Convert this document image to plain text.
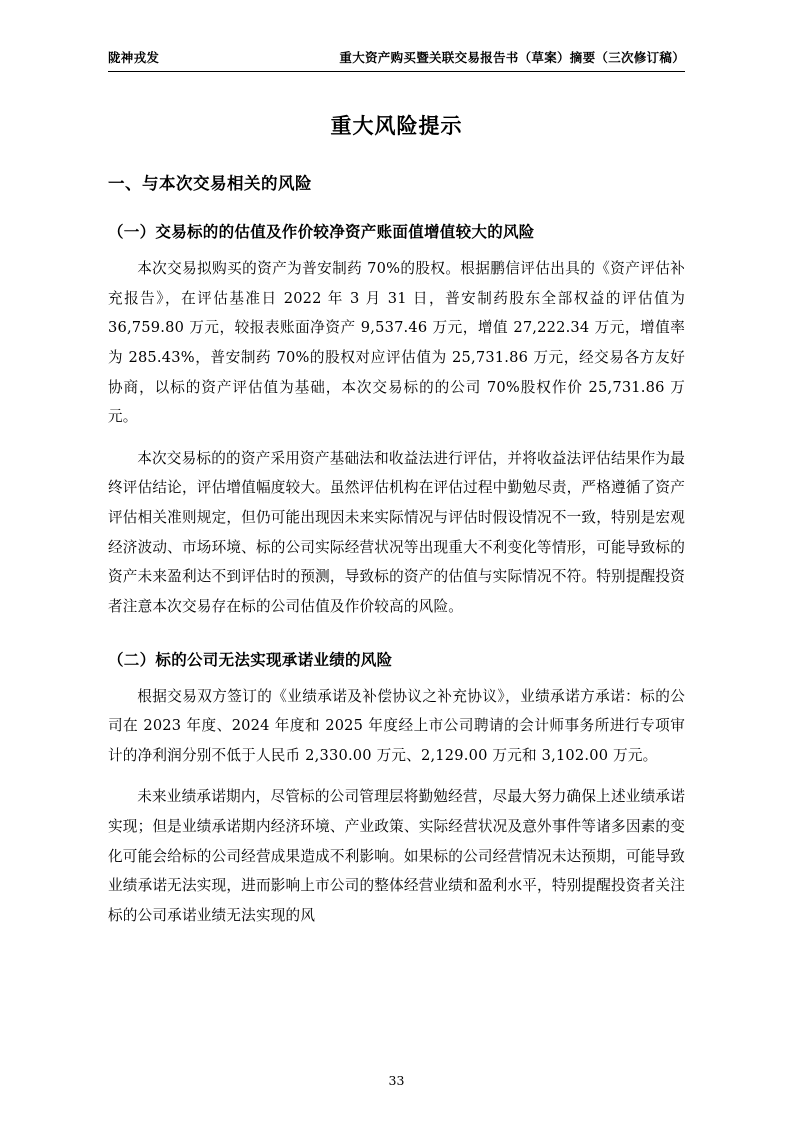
陇神戎发	重大资产购买暨关联交易报告书（草案）摘要（三次修订稿）
重大风险提示
一、与本次交易相关的风险
（一）交易标的的估值及作价较净资产账面值增值较大的风险

本次交易拟购买的资产为普安制药 70%的股权。根据鹏信评估出具的《资产评估补充报告》，在评估基准日 2022 年 3 月 31 日，普安制药股东全部权益的评估值为 36,759.80 万元，较报表账面净资产 9,537.46 万元，增值 27,222.34 万元，增值率为 285.43%，普安制药 70%的股权对应评估值为 25,731.86 万元，经交易各方友好协商，以标的资产评估值为基础，本次交易标的的公司 70%股权作价 25,731.86 万元。

本次交易标的的资产采用资产基础法和收益法进行评估，并将收益法评估结果作为最终评估结论，评估增值幅度较大。虽然评估机构在评估过程中勤勉尽责，严格遵循了资产评估相关准则规定，但仍可能出现因未来实际情况与评估时假设情况不一致，特别是宏观经济波动、市场环境、标的公司实际经营状况等出现重大不利变化等情形，可能导致标的资产未来盈利达不到评估时的预测，导致标的资产的估值与实际情况不符。特别提醒投资者注意本次交易存在标的公司估值及作价较高的风险。

（二）标的公司无法实现承诺业绩的风险

根据交易双方签订的《业绩承诺及补偿协议之补充协议》，业绩承诺方承诺：标的公司在 2023 年度、2024 年度和 2025 年度经上市公司聘请的会计师事务所进行专项审计的净利润分别不低于人民币 2,330.00 万元、2,129.00 万元和 3,102.00 万元。

未来业绩承诺期内，尽管标的公司管理层将勤勉经营，尽最大努力确保上述业绩承诺实现；但是业绩承诺期内经济环境、产业政策、实际经营状况及意外事件等诸多因素的变化可能会给标的公司经营成果造成不利影响。如果标的公司经营情况未达预期，可能导致业绩承诺无法实现，进而影响上市公司的整体经营业绩和盈利水平，特别提醒投资者关注标的公司承诺业绩无法实现的风

33
